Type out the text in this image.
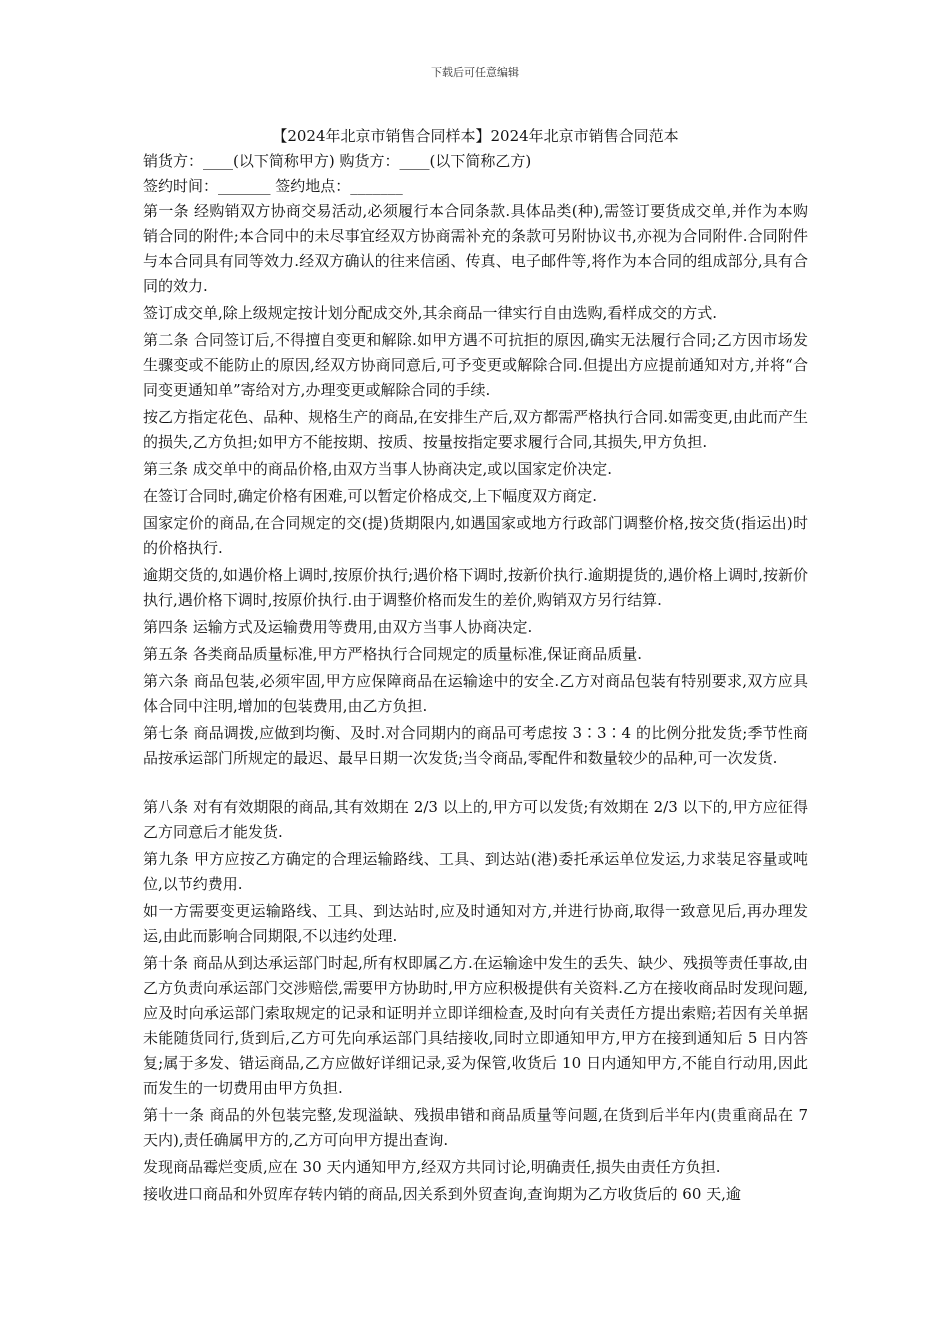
下载后可任意编辑
【2024年北京市销售合同样本】2024年北京市销售合同范本

销货方：____(以下简称甲方) 购货方：____(以下简称乙方)

签约时间：_______ 签约地点：_______

第一条 经购销双方协商交易活动,必须履行本合同条款.具体品类(种),需签订要货成交单,并作为本购销合同的附件;本合同中的未尽事宜经双方协商需补充的条款可另附协议书,亦视为合同附件.合同附件与本合同具有同等效力.经双方确认的往来信函、传真、电子邮件等,将作为本合同的组成部分,具有合同的效力.

签订成交单,除上级规定按计划分配成交外,其余商品一律实行自由选购,看样成交的方式.

第二条 合同签订后,不得擅自变更和解除.如甲方遇不可抗拒的原因,确实无法履行合同;乙方因市场发生骤变或不能防止的原因,经双方协商同意后,可予变更或解除合同.但提出方应提前通知对方,并将“合同变更通知单”寄给对方,办理变更或解除合同的手续.

按乙方指定花色、品种、规格生产的商品,在安排生产后,双方都需严格执行合同.如需变更,由此而产生的损失,乙方负担;如甲方不能按期、按质、按量按指定要求履行合同,其损失,甲方负担.

第三条 成交单中的商品价格,由双方当事人协商决定,或以国家定价决定.

在签订合同时,确定价格有困难,可以暂定价格成交,上下幅度双方商定.

国家定价的商品,在合同规定的交(提)货期限内,如遇国家或地方行政部门调整价格,按交货(指运出)时的价格执行.

逾期交货的,如遇价格上调时,按原价执行;遇价格下调时,按新价执行.逾期提货的,遇价格上调时,按新价执行,遇价格下调时,按原价执行.由于调整价格而发生的差价,购销双方另行结算.

第四条 运输方式及运输费用等费用,由双方当事人协商决定.

第五条 各类商品质量标准,甲方严格执行合同规定的质量标准,保证商品质量.

第六条 商品包装,必须牢固,甲方应保障商品在运输途中的安全.乙方对商品包装有特别要求,双方应具体合同中注明,增加的包装费用,由乙方负担.

第七条 商品调拨,应做到均衡、及时.对合同期内的商品可考虑按 3∶3∶4 的比例分批发货;季节性商品按承运部门所规定的最迟、最早日期一次发货;当令商品,零配件和数量较少的品种,可一次发货.

第八条 对有有效期限的商品,其有效期在 2/3 以上的,甲方可以发货;有效期在 2/3 以下的,甲方应征得乙方同意后才能发货.

第九条 甲方应按乙方确定的合理运输路线、工具、到达站(港)委托承运单位发运,力求装足容量或吨位,以节约费用.

如一方需要变更运输路线、工具、到达站时,应及时通知对方,并进行协商,取得一致意见后,再办理发运,由此而影响合同期限,不以违约处理.

第十条 商品从到达承运部门时起,所有权即属乙方.在运输途中发生的丢失、缺少、残损等责任事故,由乙方负责向承运部门交涉赔偿,需要甲方协助时,甲方应积极提供有关资料.乙方在接收商品时发现问题,应及时向承运部门索取规定的记录和证明并立即详细检查,及时向有关责任方提出索赔;若因有关单据未能随货同行,货到后,乙方可先向承运部门具结接收,同时立即通知甲方,甲方在接到通知后 5 日内答复;属于多发、错运商品,乙方应做好详细记录,妥为保管,收货后 10 日内通知甲方,不能自行动用,因此而发生的一切费用由甲方负担.

第十一条 商品的外包装完整,发现溢缺、残损串错和商品质量等问题,在货到后半年内(贵重商品在 7 天内),责任确属甲方的,乙方可向甲方提出查询.

发现商品霉烂变质,应在 30 天内通知甲方,经双方共同讨论,明确责任,损失由责任方负担.

接收进口商品和外贸库存转内销的商品,因关系到外贸查询,查询期为乙方收货后的 60 天,逾
